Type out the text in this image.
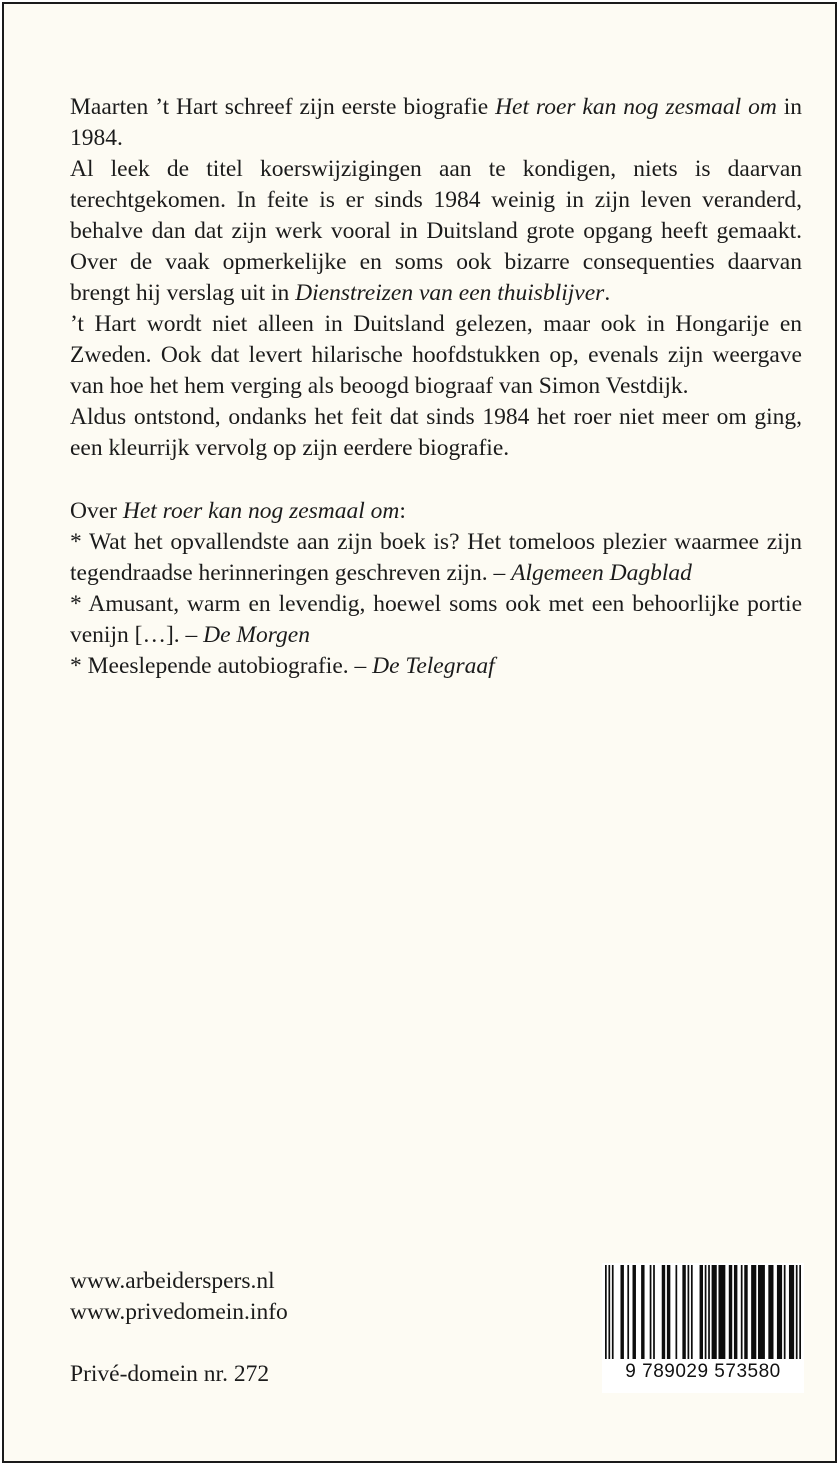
Maarten ’t Hart schreef zijn eerste biografie Het roer kan nog zesmaal om in 1984.

Al leek de titel koerswijzigingen aan te kondigen, niets is daarvan terechtgekomen. In feite is er sinds 1984 weinig in zijn leven veranderd, behalve dan dat zijn werk vooral in Duitsland grote opgang heeft gemaakt. Over de vaak opmerkelijke en soms ook bizarre consequenties daarvan brengt hij verslag uit in Dienstreizen van een thuisblijver.

’t Hart wordt niet alleen in Duitsland gelezen, maar ook in Hongarije en Zweden. Ook dat levert hilarische hoofdstukken op, evenals zijn weergave van hoe het hem verging als beoogd biograaf van Simon Vestdijk.

Aldus ontstond, ondanks het feit dat sinds 1984 het roer niet meer om ging, een kleurrijk vervolg op zijn eerdere biografie.

Over Het roer kan nog zesmaal om:

* Wat het opvallendste aan zijn boek is? Het tomeloos plezier waarmee zijn tegendraadse herinneringen geschreven zijn. – Algemeen Dagblad

* Amusant, warm en levendig, hoewel soms ook met een behoorlijke portie venijn […]. – De Morgen

* Meeslepende autobiografie. – De Telegraaf

www.arbeiderspers.nl
www.privedomein.info
Privé-domein nr. 272	9 789029 573580
